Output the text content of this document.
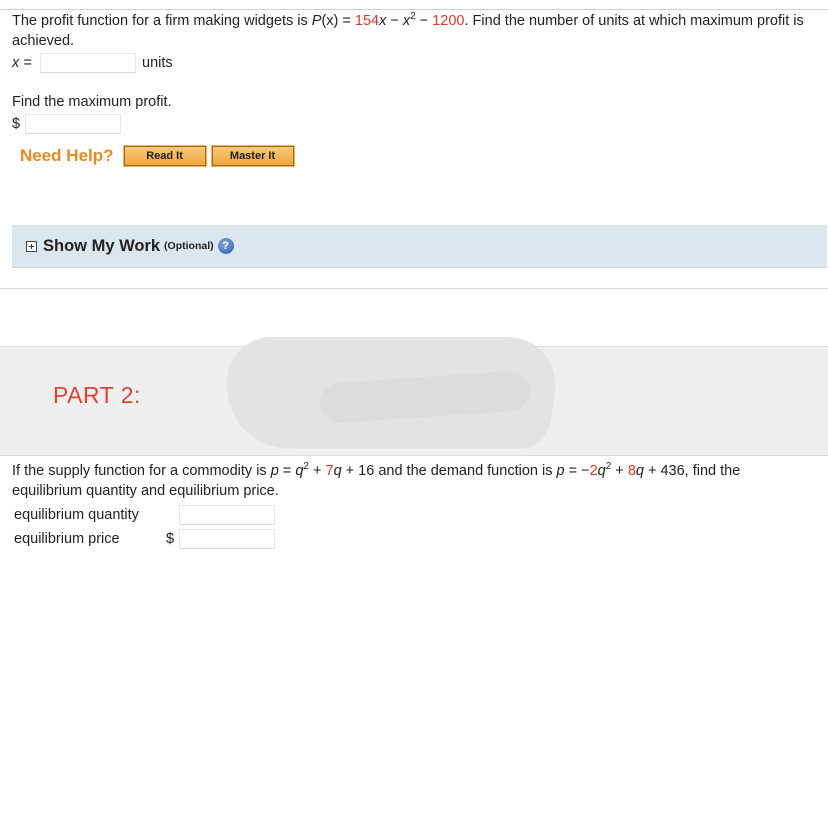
The profit function for a firm making widgets is $P(x) = 154x - x^2 - 1200$. Find the number of units at which maximum profit is achieved.
x =	units
Find the maximum profit.
$
Need Help?	Read It	Master It
Show My Work (Optional) ?
PART 2:
If the supply function for a commodity is $p = q^2 + 7q + 16$ and the demand function is $p = -2q^2 + 8q + 436$, find the equilibrium quantity and equilibrium price.
equilibrium quantity
equilibrium price	$
